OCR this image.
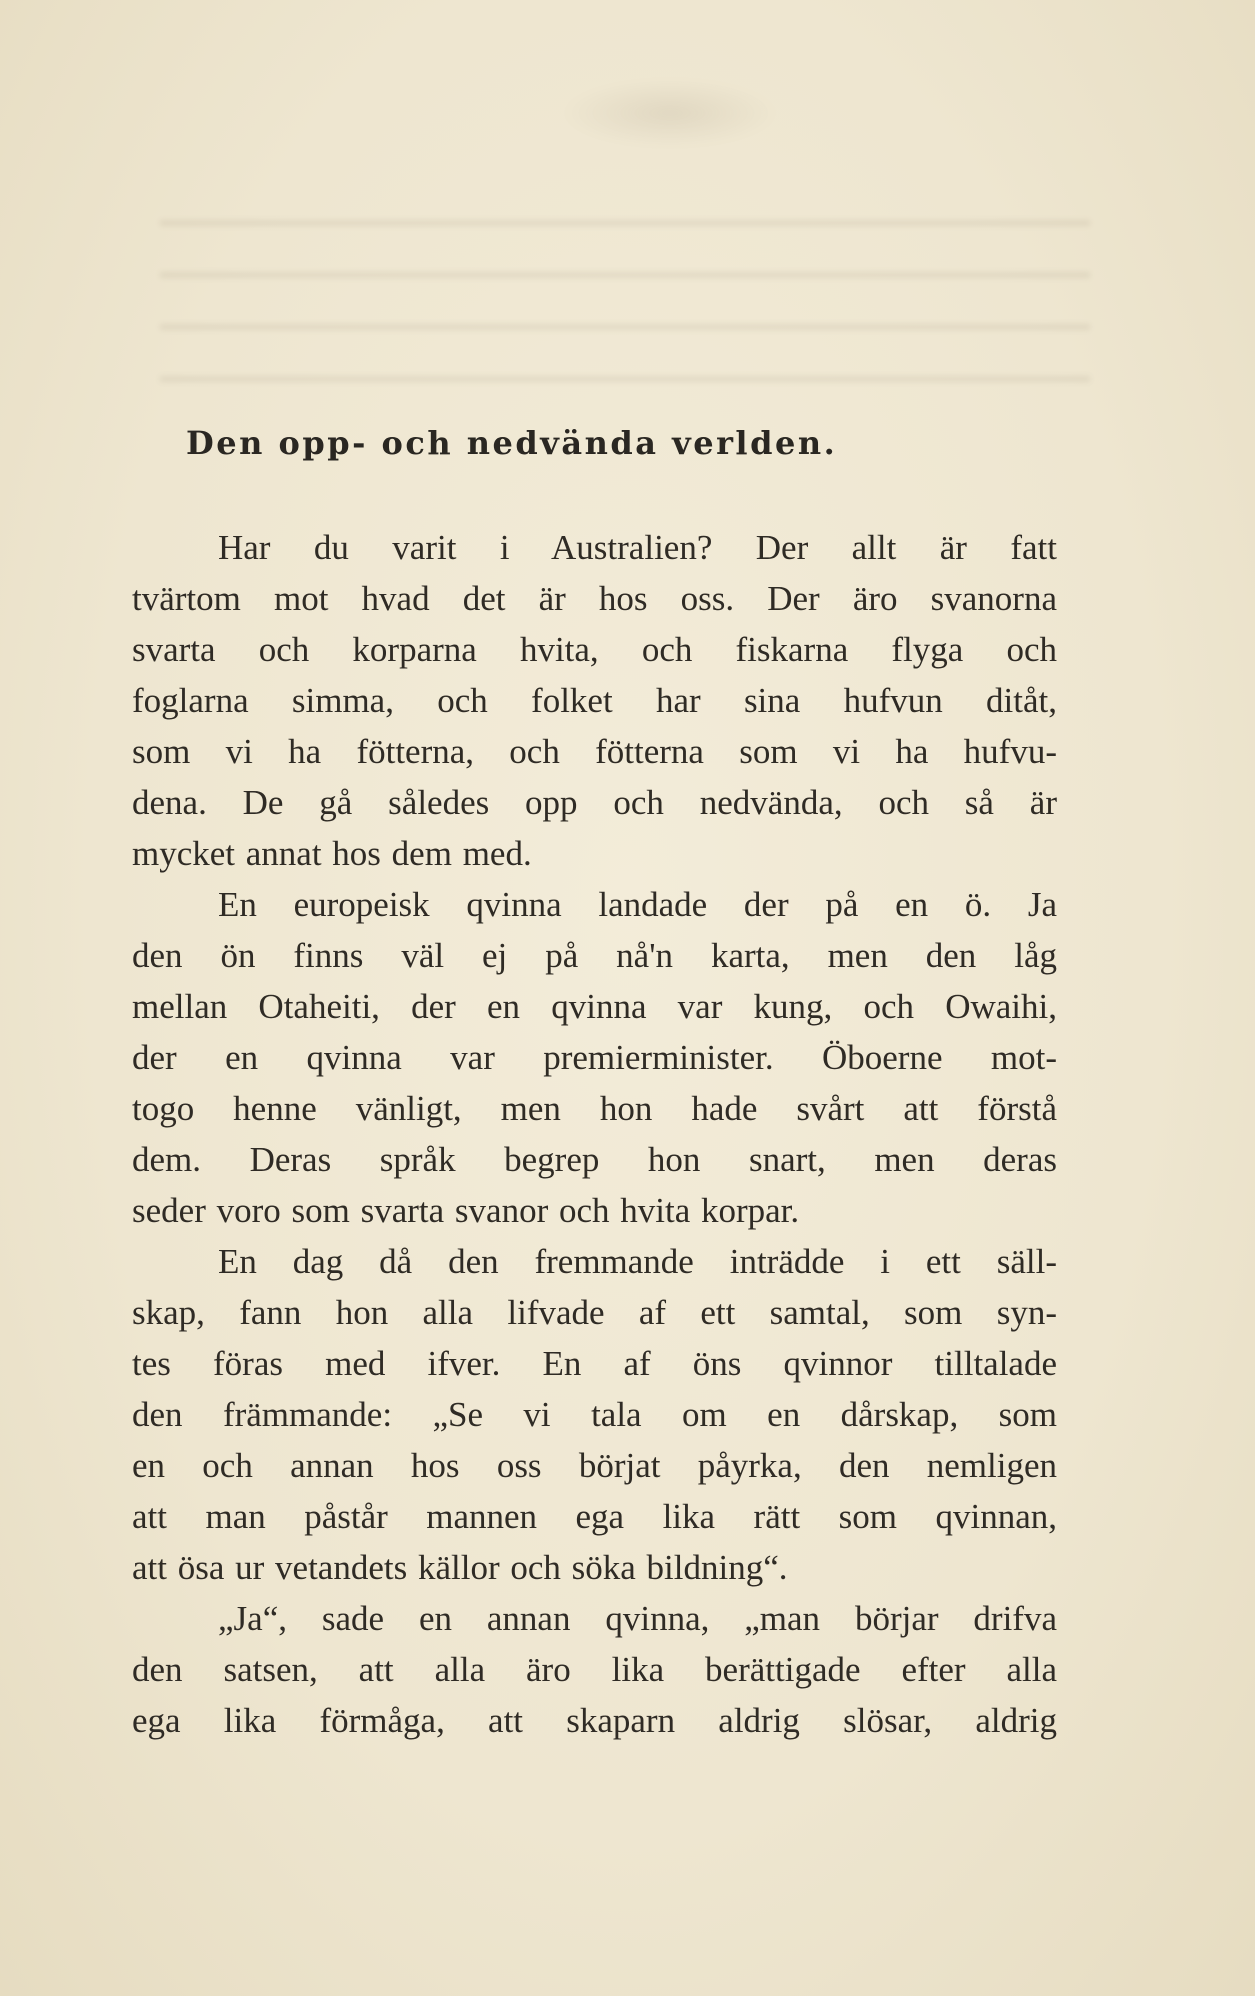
Den opp- och nedvända verlden.
Har du varit i Australien? Der allt är fatt
tvärtom mot hvad det är hos oss. Der äro svanorna
svarta och korparna hvita, och fiskarna flyga och
foglarna simma, och folket har sina hufvun ditåt,
som vi ha fötterna, och fötterna som vi ha hufvu-
dena. De gå således opp och nedvända, och så är
mycket annat hos dem med.
En europeisk qvinna landade der på en ö. Ja
den ön finns väl ej på nå'n karta, men den låg
mellan Otaheiti, der en qvinna var kung, och Owaihi,
der en qvinna var premierminister. Öboerne mot-
togo henne vänligt, men hon hade svårt att förstå
dem. Deras språk begrep hon snart, men deras
seder voro som svarta svanor och hvita korpar.
En dag då den fremmande inträdde i ett säll-
skap, fann hon alla lifvade af ett samtal, som syn-
tes föras med ifver. En af öns qvinnor tilltalade
den främmande: „Se vi tala om en dårskap, som
en och annan hos oss börjat påyrka, den nemligen
att man påstår mannen ega lika rätt som qvinnan,
att ösa ur vetandets källor och söka bildning“.
„Ja“, sade en annan qvinna, „man börjar drifva
den satsen, att alla äro lika berättigade efter alla
ega lika förmåga, att skaparn aldrig slösar, aldrig
